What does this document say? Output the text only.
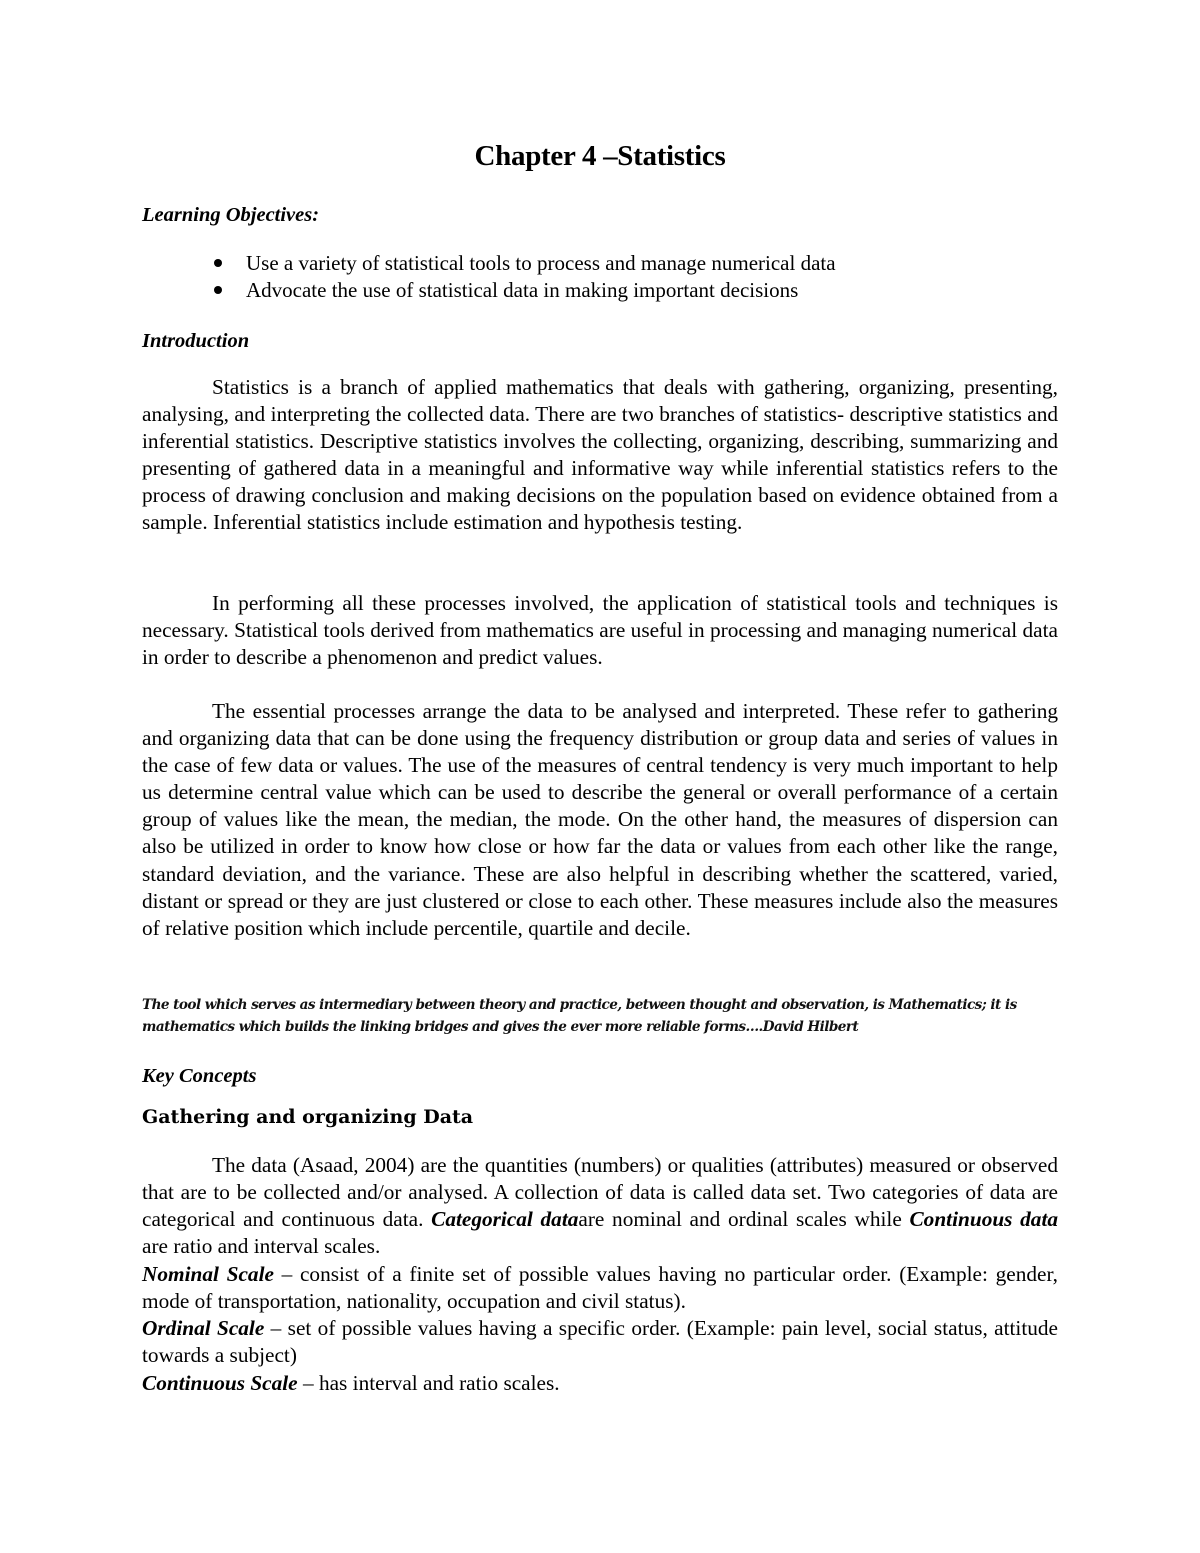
Chapter 4 –Statistics
Learning Objectives:
Use a variety of statistical tools to process and manage numerical data
Advocate the use of statistical data in making important decisions
Introduction

Statistics is a branch of applied mathematics that deals with gathering, organizing, presenting, analysing, and interpreting the collected data. There are two branches of statistics- descriptive statistics and inferential statistics. Descriptive statistics involves the collecting, organizing, describing, summarizing and presenting of gathered data in a meaningful and informative way while inferential statistics refers to the process of drawing conclusion and making decisions on the population based on evidence obtained from a sample. Inferential statistics include estimation and hypothesis testing.

In performing all these processes involved, the application of statistical tools and techniques is necessary. Statistical tools derived from mathematics are useful in processing and managing numerical data in order to describe a phenomenon and predict values.

The essential processes arrange the data to be analysed and interpreted. These refer to gathering and organizing data that can be done using the frequency distribution or group data and series of values in the case of few data or values. The use of the measures of central tendency is very much important to help us determine central value which can be used to describe the general or overall performance of a certain group of values like the mean, the median, the mode. On the other hand, the measures of dispersion can also be utilized in order to know how close or how far the data or values from each other like the range, standard deviation, and the variance. These are also helpful in describing whether the scattered, varied, distant or spread or they are just clustered or close to each other. These measures include also the measures of relative position which include percentile, quartile and decile.

The tool which serves as intermediary between theory and practice, between thought and observation, is Mathematics; it is mathematics which builds the linking bridges and gives the ever more reliable forms….David Hilbert
Key Concepts
Gathering and organizing Data

The data (Asaad, 2004) are the quantities (numbers) or qualities (attributes) measured or observed that are to be collected and/or analysed. A collection of data is called data set. Two categories of data are categorical and continuous data. Categorical dataare nominal and ordinal scales while Continuous data are ratio and interval scales.

Nominal Scale – consist of a finite set of possible values having no particular order. (Example: gender, mode of transportation, nationality, occupation and civil status).

Ordinal Scale – set of possible values having a specific order. (Example: pain level, social status, attitude towards a subject)

Continuous Scale – has interval and ratio scales.
